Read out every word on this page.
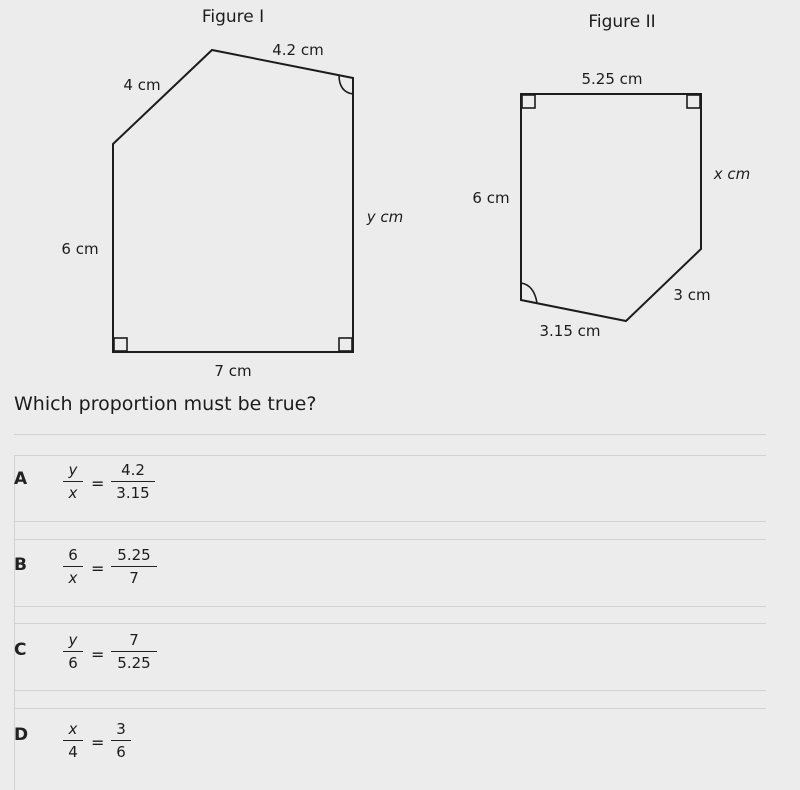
Figure I
4.2 cm
4 cm
6 cm
y cm
7 cm
Figure II
5.25 cm
6 cm
x cm
3 cm
3.15 cm
Which proportion must be true?
A	y
x =
4.2
3.15
B	6
x =
5.25
7
C	y
6 =
7
5.25
D	x
4 =
3
6
